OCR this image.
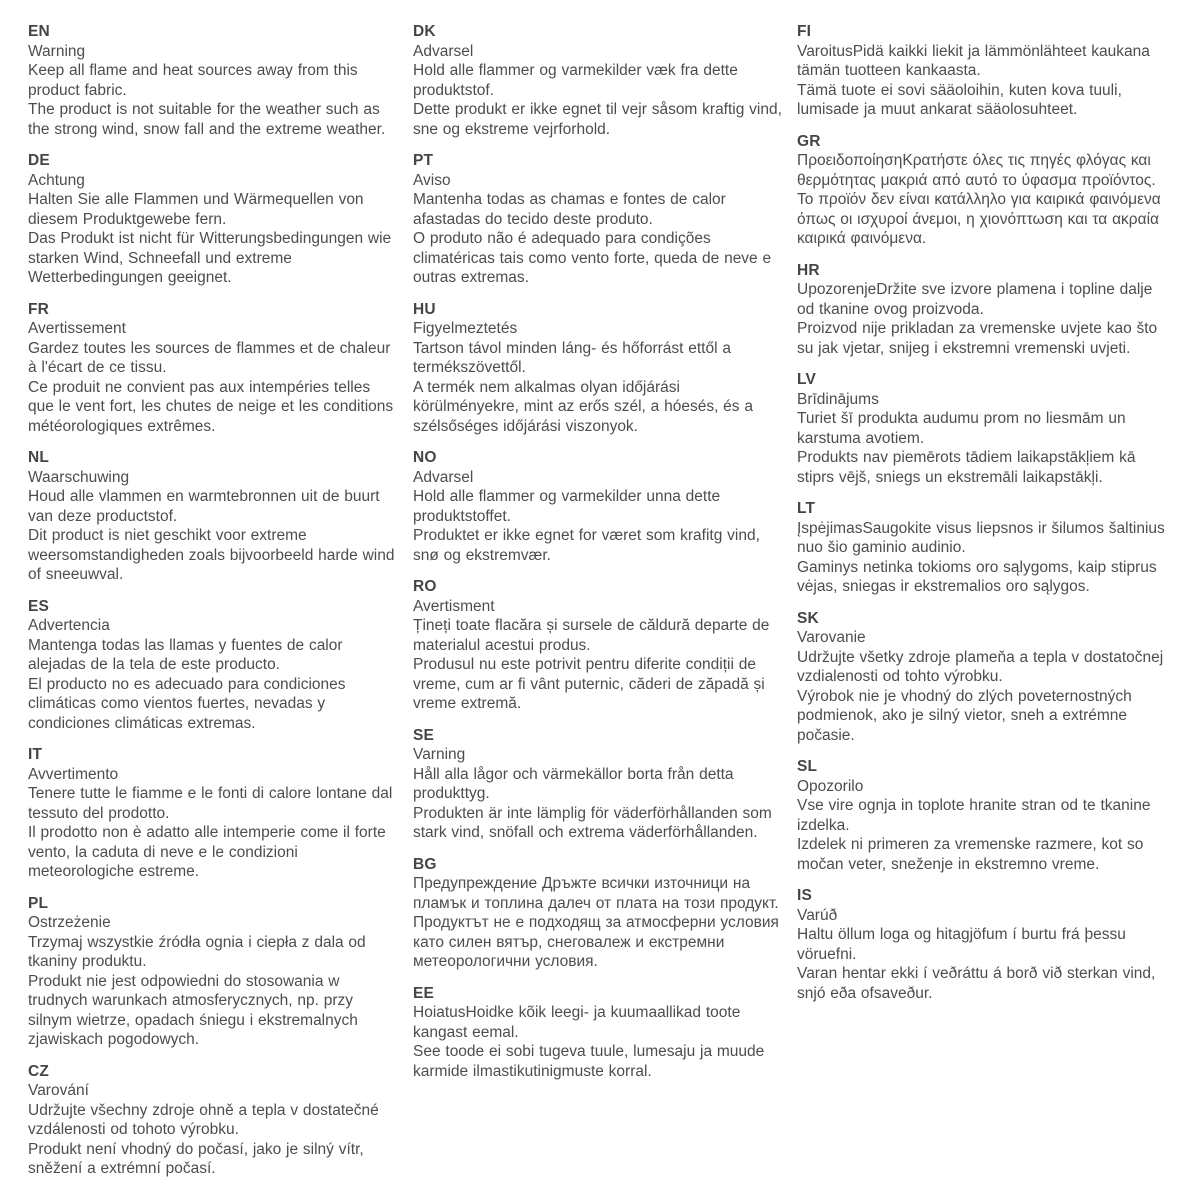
EN

Warning

Keep all flame and heat sources away from this product fabric.

The product is not suitable for the weather such as the strong wind, snow fall and the extreme weather.

DE

Achtung

Halten Sie alle Flammen und Wärmequellen von diesem Produktgewebe fern.

Das Produkt ist nicht für Witterungsbedingungen wie starken Wind, Schneefall und extreme Wetterbedingungen geeignet.

FR

Avertissement

Gardez toutes les sources de flammes et de chaleur à l'écart de ce tissu.

Ce produit ne convient pas aux intempéries telles que le vent fort, les chutes de neige et les conditions météorologiques extrêmes.

NL

Waarschuwing

Houd alle vlammen en warmtebronnen uit de buurt van deze productstof.

Dit product is niet geschikt voor extreme weersomstandigheden zoals bijvoorbeeld harde wind of sneeuwval.

ES

Advertencia

Mantenga todas las llamas y fuentes de calor alejadas de la tela de este producto.

El producto no es adecuado para condiciones climáticas como vientos fuertes, nevadas y condiciones climáticas extremas.

IT

Avvertimento

Tenere tutte le fiamme e le fonti di calore lontane dal tessuto del prodotto.

Il prodotto non è adatto alle intemperie come il forte vento, la caduta di neve e le condizioni meteorologiche estreme.

PL

Ostrzeżenie

Trzymaj wszystkie źródła ognia i ciepła z dala od tkaniny produktu.

Produkt nie jest odpowiedni do stosowania w trudnych warunkach atmosferycznych, np. przy silnym wietrze, opadach śniegu i ekstremalnych zjawiskach pogodowych.

CZ

Varování

Udržujte všechny zdroje ohně a tepla v dostatečné vzdálenosti od tohoto výrobku.

Produkt není vhodný do počasí, jako je silný vítr, sněžení a extrémní počasí.

DK

Advarsel

Hold alle flammer og varmekilder væk fra dette produktstof.

Dette produkt er ikke egnet til vejr såsom kraftig vind, sne og ekstreme vejrforhold.

PT

Aviso

Mantenha todas as chamas e fontes de calor afastadas do tecido deste produto.

O produto não é adequado para condições climatéricas tais como vento forte, queda de neve e outras extremas.

HU

Figyelmeztetés

Tartson távol minden láng- és hőforrást ettől a termékszövettől.

A termék nem alkalmas olyan időjárási körülményekre, mint az erős szél, a hóesés, és a szélsőséges időjárási viszonyok.

NO

Advarsel

Hold alle flammer og varmekilder unna dette produktstoffet.

Produktet er ikke egnet for været som krafitg vind, snø og ekstremvær.

RO

Avertisment

Țineți toate flacăra și sursele de căldură departe de materialul acestui produs.

Produsul nu este potrivit pentru diferite condiții de vreme, cum ar fi vânt puternic, căderi de zăpadă și vreme extremă.

SE

Varning

Håll alla lågor och värmekällor borta från detta produkttyg.

Produkten är inte lämplig för väderförhållanden som stark vind, snöfall och extrema väderförhållanden.

BG

Предупреждение Дръжте всички източници на пламък и топлина далеч от плата на този продукт.

Продуктът не е подходящ за атмосферни условия като силен вятър, снеговалеж и екстремни метеорологични условия.

EE

HoiatusHoidke kõik leegi- ja kuumaallikad toote kangast eemal.

See toode ei sobi tugeva tuule, lumesaju ja muude karmide ilmastikutinigmuste korral.

FI

VaroitusPidä kaikki liekit ja lämmönlähteet kaukana tämän tuotteen kankaasta.

Tämä tuote ei sovi sääoloihin, kuten kova tuuli, lumisade ja muut ankarat sääolosuhteet.

GR

ΠροειδοποίησηΚρατήστε όλες τις πηγές φλόγας και θερμότητας μακριά από αυτό το ύφασμα προϊόντος.

Το προϊόν δεν είναι κατάλληλο για καιρικά φαινόμενα όπως οι ισχυροί άνεμοι, η χιονόπτωση και τα ακραία καιρικά φαινόμενα.

HR

UpozorenjeDržite sve izvore plamena i topline dalje od tkanine ovog proizvoda.

Proizvod nije prikladan za vremenske uvjete kao što su jak vjetar, snijeg i ekstremni vremenski uvjeti.

LV

Brīdinājums

Turiet šī produkta audumu prom no liesmām un karstuma avotiem.

Produkts nav piemērots tādiem laikapstākļiem kā stiprs vējš, sniegs un ekstremāli laikapstākļi.

LT

ĮspėjimasSaugokite visus liepsnos ir šilumos šaltinius nuo šio gaminio audinio.

Gaminys netinka tokioms oro sąlygoms, kaip stiprus vėjas, sniegas ir ekstremalios oro sąlygos.

SK

Varovanie

Udržujte všetky zdroje plameňa a tepla v dostatočnej vzdialenosti od tohto výrobku.

Výrobok nie je vhodný do zlých poveternostných podmienok, ako je silný vietor, sneh a extrémne počasie.

SL

Opozorilo

Vse vire ognja in toplote hranite stran od te tkanine izdelka.

Izdelek ni primeren za vremenske razmere, kot so močan veter, sneženje in ekstremno vreme.

IS

Varúð

Haltu öllum loga og hitagjöfum í burtu frá þessu vöruefni.

Varan hentar ekki í veðráttu á borð við sterkan vind, snjó eða ofsaveður.
